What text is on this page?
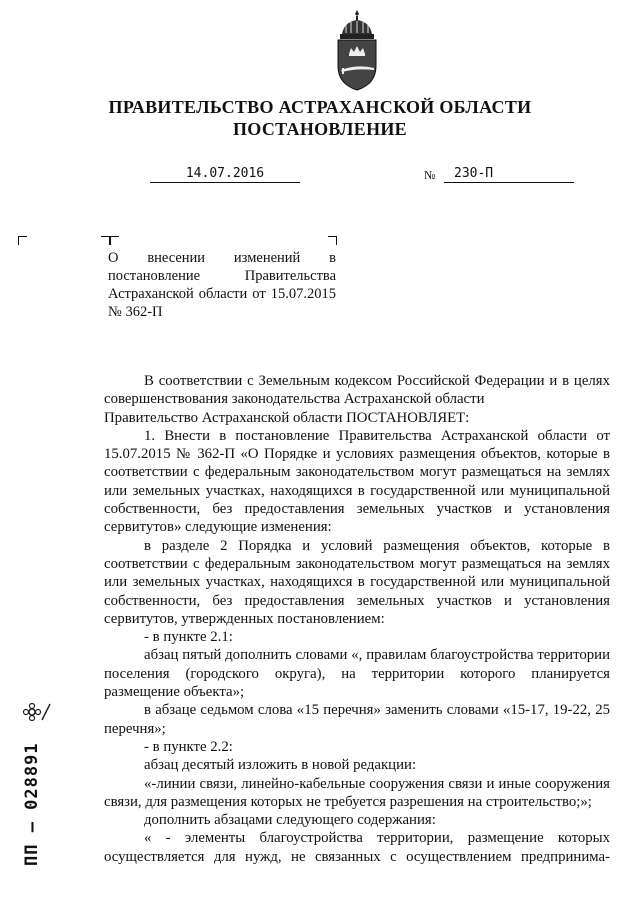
ПРАВИТЕЛЬСТВО АСТРАХАНСКОЙ ОБЛАСТИ
ПОСТАНОВЛЕНИЕ
14.07.2016	№	230-П
О внесении изменений в постановление Правительства Астраханской области от 15.07.2015 № 362-П

В соответствии с Земельным кодексом Российской Федерации и в целях совершенствования законодательства Астраханской области

Правительство Астраханской области ПОСТАНОВЛЯЕТ:

1. Внести в постановление Правительства Астраханской области от 15.07.2015 № 362-П «О Порядке и условиях размещения объектов, которые в соответствии с федеральным законодательством могут размещаться на землях или земельных участках, находящихся в государственной или муниципальной собственности, без предоставления земельных участков и установления сервитутов» следующие изменения:

в разделе 2 Порядка и условий размещения объектов, которые в соответствии с федеральным законодательством могут размещаться на землях или земельных участках, находящихся в государственной или муниципальной собственности, без предоставления земельных участков и установления сервитутов, утвержденных постановлением:

- в пункте 2.1:

абзац пятый дополнить словами «, правилам благоустройства территории поселения (городского округа), на территории которого планируется размещение объекта»;

в абзаце седьмом слова «15 перечня» заменить словами «15-17, 19-22, 25 перечня»;

- в пункте 2.2:

абзац десятый изложить в новой редакции:

«-линии связи, линейно-кабельные сооружения связи и иные сооружения связи, для размещения которых не требуется разрешения на строительство;»;

дополнить абзацами следующего содержания:

« - элементы благоустройства территории, размещение которых осуществляется для нужд, не связанных с осуществлением предпринима-

ПП – 028891
